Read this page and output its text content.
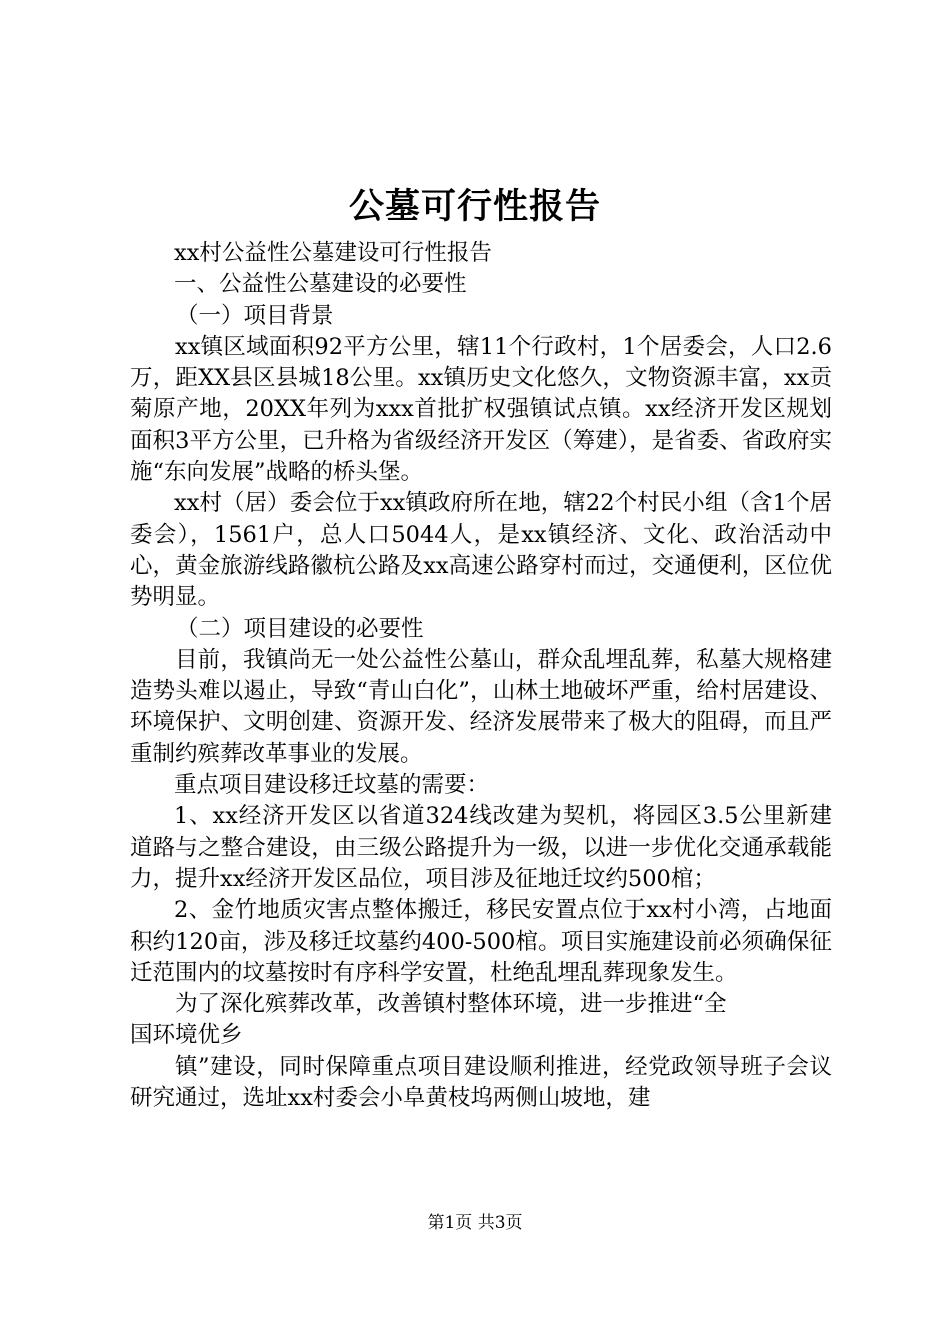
公墓可行性报告

xx村公益性公墓建设可行性报告

一、公益性公墓建设的必要性

（一）项目背景

xx镇区域面积92平方公里，辖11个行政村，1个居委会，人口2.6万，距XX县区县城18公里。xx镇历史文化悠久，文物资源丰富，xx贡菊原产地，20XX年列为xxx首批扩权强镇试点镇。xx经济开发区规划面积3平方公里，已升格为省级经济开发区（筹建），是省委、省政府实施“东向发展”战略的桥头堡。

xx村（居）委会位于xx镇政府所在地，辖22个村民小组（含1个居委会），1561户，总人口5044人，是xx镇经济、文化、政治活动中心，黄金旅游线路徽杭公路及xx高速公路穿村而过，交通便利，区位优势明显。

（二）项目建设的必要性

目前，我镇尚无一处公益性公墓山，群众乱埋乱葬，私墓大规格建造势头难以遏止，导致“青山白化”，山林土地破坏严重，给村居建设、环境保护、文明创建、资源开发、经济发展带来了极大的阻碍，而且严重制约殡葬改革事业的发展。

重点项目建设移迁坟墓的需要：

1、xx经济开发区以省道324线改建为契机，将园区3.5公里新建道路与之整合建设，由三级公路提升为一级，以进一步优化交通承载能力，提升xx经济开发区品位，项目涉及征地迁坟约500棺；

2、金竹地质灾害点整体搬迁，移民安置点位于xx村小湾，占地面积约120亩，涉及移迁坟墓约400-500棺。项目实施建设前必须确保征迁范围内的坟墓按时有序科学安置，杜绝乱埋乱葬现象发生。

为了深化殡葬改革，改善镇村整体环境，进一步推进“全

国环境优乡

镇”建设，同时保障重点项目建设顺利推进，经党政领导班子会议研究通过，选址xx村委会小阜黄枝坞两侧山坡地，建

第1页 共3页
